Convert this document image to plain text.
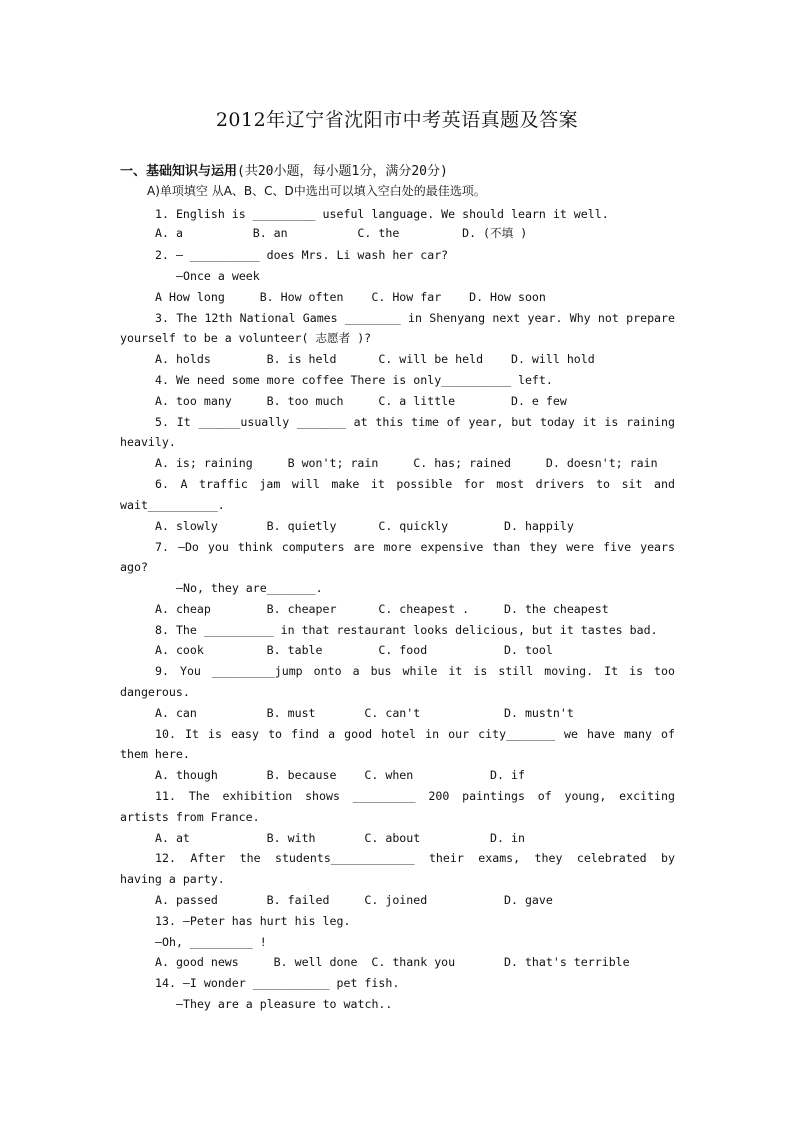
2012年辽宁省沈阳市中考英语真题及答案
一、基础知识与运用(共20小题，每小题1分，满分20分)
A)单项填空 从A、B、C、D中选出可以填入空白处的最佳选项。
1. English is _________ useful language. We should learn it well.
A. a          B. an          C. the         D. (不填 )
2. — __________ does Mrs. Li wash her car?
—Once a week
A How long     B. How often    C. How far    D. How soon
3. The 12th National Games ________ in Shenyang next year. Why not prepare
yourself to be a volunteer( 志愿者 )?
A. holds        B. is held      C. will be held    D. will hold
4. We need some more coffee There is only__________ left.
A. too many     B. too much     C. a little        D. e few
5. It ______usually _______ at this time of year, but today it is raining
heavily.
A. is; raining     B won't; rain     C. has; rained     D. doesn't; rain
6. A traffic jam will make it possible for most drivers to sit and
wait__________.
A. slowly       B. quietly      C. quickly        D. happily
7. —Do you think computers are more expensive than they were five years
ago?
—No, they are_______.
A. cheap        B. cheaper      C. cheapest .     D. the cheapest
8. The __________ in that restaurant looks delicious, but it tastes bad.
A. cook         B. table        C. food           D. tool
9. You _________jump onto a bus while it is still moving. It is too
dangerous.
A. can          B. must       C. can't            D. mustn't
10. It is easy to find a good hotel in our city_______ we have many of
them here.
A. though       B. because    C. when           D. if
11. The exhibition shows _________ 200 paintings of young, exciting
artists from France.
A. at           B. with       C. about          D. in
12. After the students____________ their exams, they celebrated by
having a party.
A. passed       B. failed     C. joined           D. gave
13. —Peter has hurt his leg.
—Oh, _________ !
A. good news     B. well done  C. thank you       D. that's terrible
14. —I wonder ___________ pet fish.
—They are a pleasure to watch..
